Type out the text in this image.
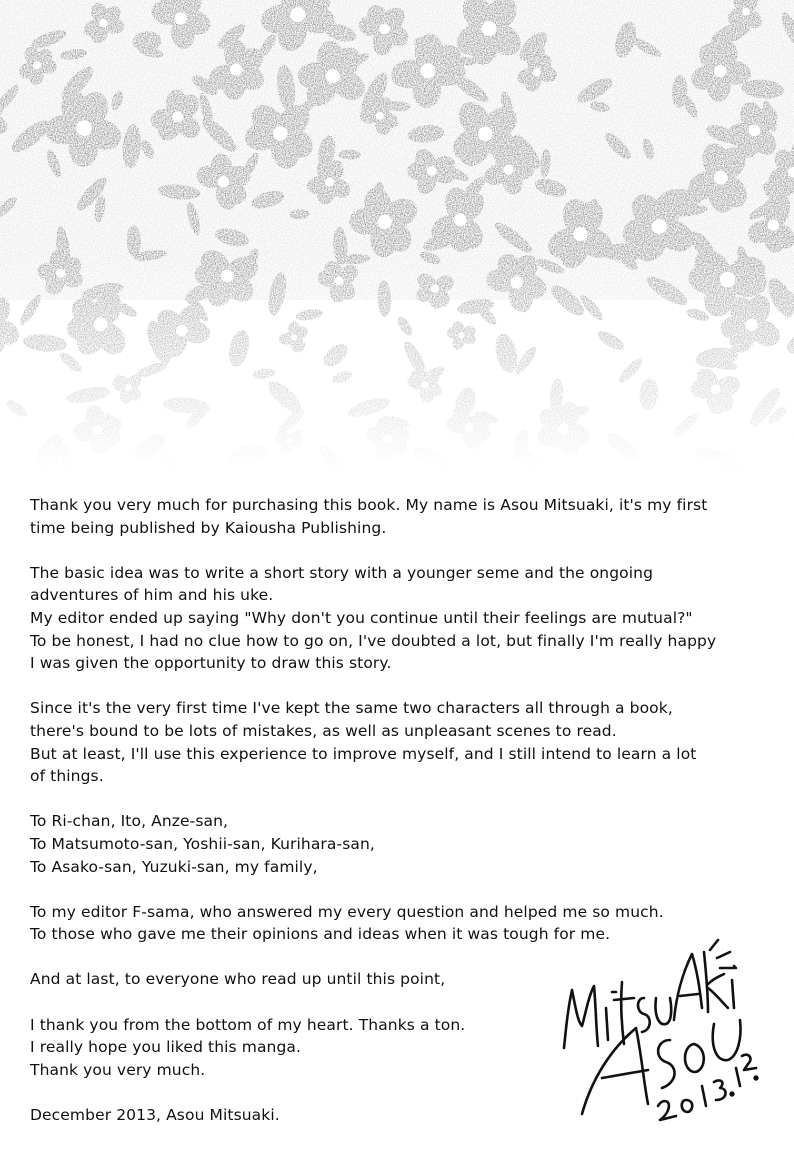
Thank you very much for purchasing this book. My name is Asou Mitsuaki, it's my first
time being published by Kaiousha Publishing.
The basic idea was to write a short story with a younger seme and the ongoing
adventures of him and his uke.
My editor ended up saying "Why don't you continue until their feelings are mutual?"
To be honest, I had no clue how to go on, I've doubted a lot, but finally I'm really happy
I was given the opportunity to draw this story.
Since it's the very first time I've kept the same two characters all through a book,
there's bound to be lots of mistakes, as well as unpleasant scenes to read.
But at least, I'll use this experience to improve myself, and I still intend to learn a lot
of things.
To Ri-chan, Ito, Anze-san,
To Matsumoto-san, Yoshii-san, Kurihara-san,
To Asako-san, Yuzuki-san, my family,
To my editor F-sama, who answered my every question and helped me so much.
To those who gave me their opinions and ideas when it was tough for me.
And at last, to everyone who read up until this point,
I thank you from the bottom of my heart. Thanks a ton.
I really hope you liked this manga.
Thank you very much.
December 2013, Asou Mitsuaki.
